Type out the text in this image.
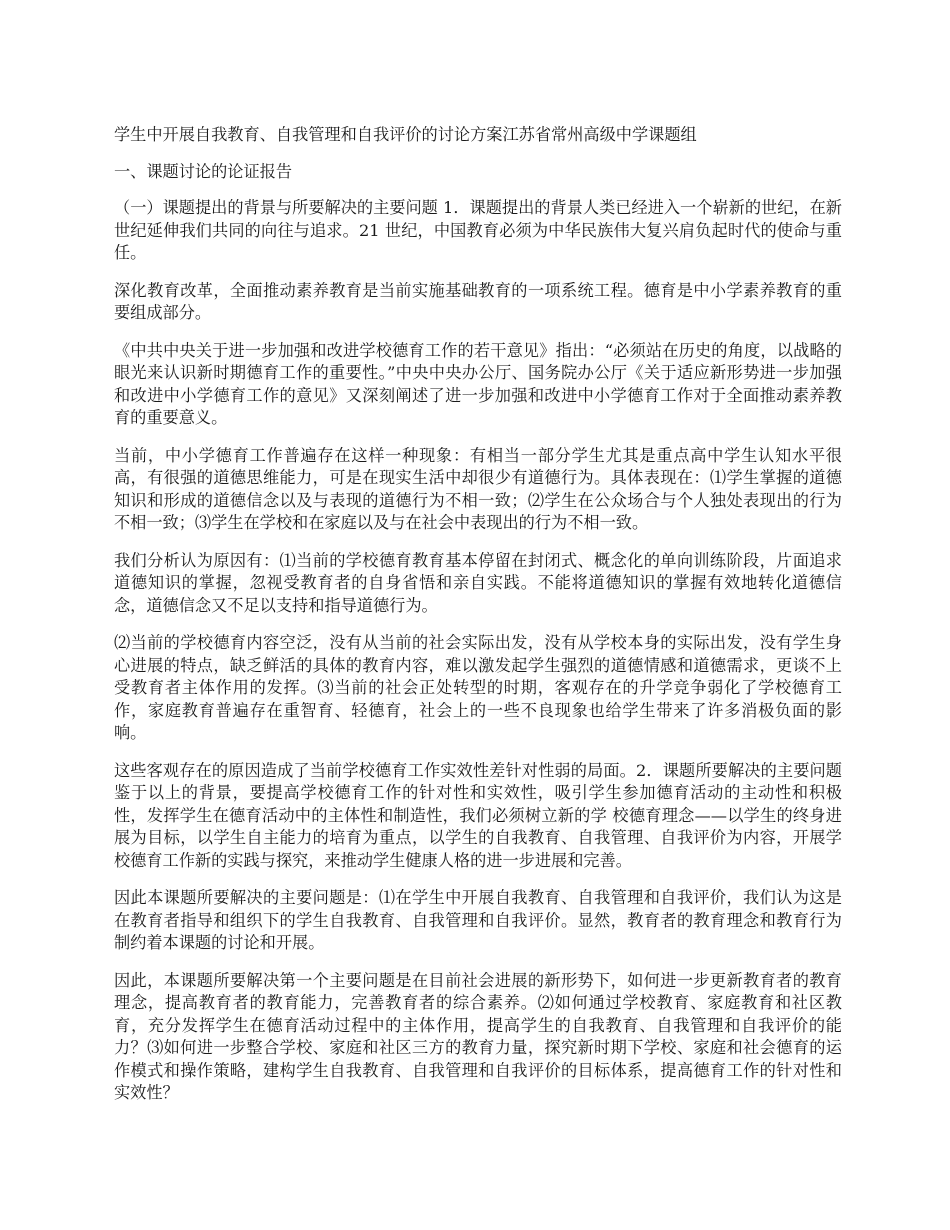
学生中开展自我教育、自我管理和自我评价的讨论方案江苏省常州高级中学课题组

一、课题讨论的论证报告

（一）课题提出的背景与所要解决的主要问题 1．课题提出的背景人类已经进入一个崭新的世纪，在新世纪延伸我们共同的向往与追求。21 世纪，中国教育必须为中华民族伟大复兴肩负起时代的使命与重任。

深化教育改革，全面推动素养教育是当前实施基础教育的一项系统工程。德育是中小学素养教育的重要组成部分。

《中共中央关于进一步加强和改进学校德育工作的若干意见》指出：“必须站在历史的角度，以战略的眼光来认识新时期德育工作的重要性。”中央中央办公厅、国务院办公厅《关于适应新形势进一步加强和改进中小学德育工作的意见》又深刻阐述了进一步加强和改进中小学德育工作对于全面推动素养教育的重要意义。

当前，中小学德育工作普遍存在这样一种现象：有相当一部分学生尤其是重点高中学生认知水平很高，有很强的道德思维能力，可是在现实生活中却很少有道德行为。具体表现在：⑴学生掌握的道德知识和形成的道德信念以及与表现的道德行为不相一致；⑵学生在公众场合与个人独处表现出的行为不相一致；⑶学生在学校和在家庭以及与在社会中表现出的行为不相一致。

我们分析认为原因有：⑴当前的学校德育教育基本停留在封闭式、概念化的单向训练阶段，片面追求道德知识的掌握，忽视受教育者的自身省悟和亲自实践。不能将道德知识的掌握有效地转化道德信念，道德信念又不足以支持和指导道德行为。

⑵当前的学校德育内容空泛，没有从当前的社会实际出发，没有从学校本身的实际出发，没有学生身心进展的特点，缺乏鲜活的具体的教育内容，难以激发起学生强烈的道德情感和道德需求，更谈不上受教育者主体作用的发挥。⑶当前的社会正处转型的时期，客观存在的升学竞争弱化了学校德育工作，家庭教育普遍存在重智育、轻德育，社会上的一些不良现象也给学生带来了许多消极负面的影响。

这些客观存在的原因造成了当前学校德育工作实效性差针对性弱的局面。2．课题所要解决的主要问题鉴于以上的背景，要提高学校德育工作的针对性和实效性，吸引学生参加德育活动的主动性和积极性，发挥学生在德育活动中的主体性和制造性，我们必须树立新的学 校德育理念——以学生的终身进展为目标，以学生自主能力的培育为重点，以学生的自我教育、自我管理、自我评价为内容，开展学校德育工作新的实践与探究，来推动学生健康人格的进一步进展和完善。

因此本课题所要解决的主要问题是：⑴在学生中开展自我教育、自我管理和自我评价，我们认为这是在教育者指导和组织下的学生自我教育、自我管理和自我评价。显然，教育者的教育理念和教育行为制约着本课题的讨论和开展。

因此，本课题所要解决第一个主要问题是在目前社会进展的新形势下，如何进一步更新教育者的教育理念，提高教育者的教育能力，完善教育者的综合素养。⑵如何通过学校教育、家庭教育和社区教育，充分发挥学生在德育活动过程中的主体作用，提高学生的自我教育、自我管理和自我评价的能力？⑶如何进一步整合学校、家庭和社区三方的教育力量，探究新时期下学校、家庭和社会德育的运作模式和操作策略，建构学生自我教育、自我管理和自我评价的目标体系，提高德育工作的针对性和实效性？
